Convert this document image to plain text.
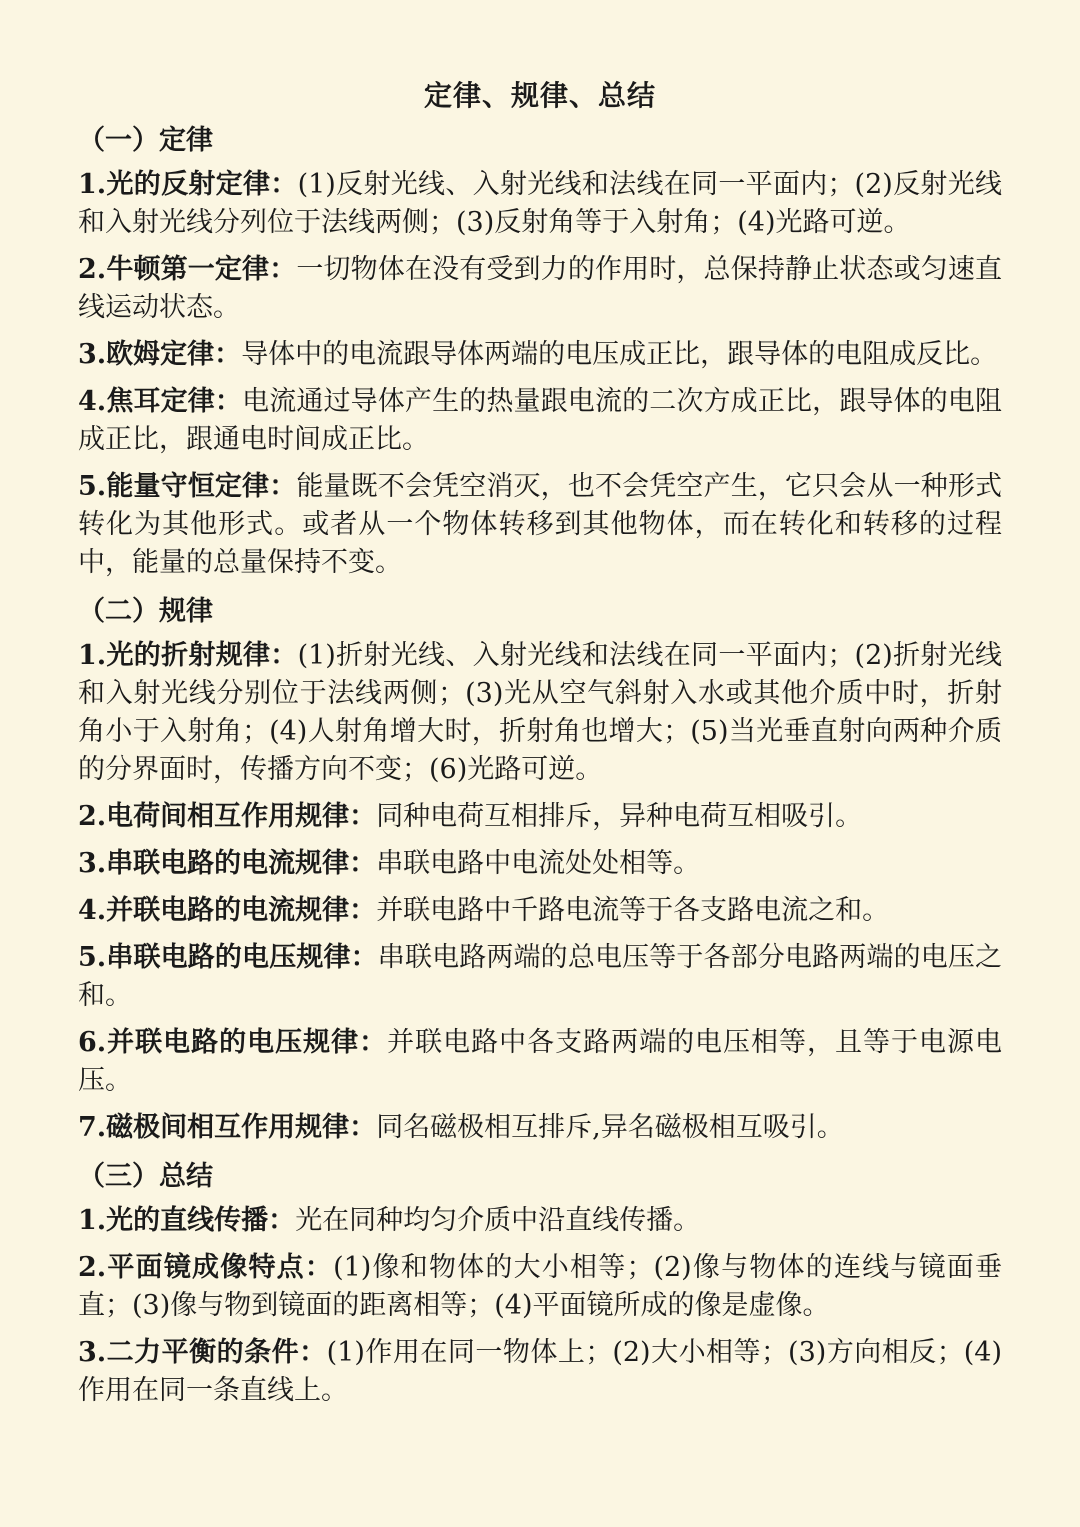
定律、规律、总结
（一）定律

1.光的反射定律：(1)反射光线、入射光线和法线在同一平面内；(2)反射光线和入射光线分列位于法线两侧；(3)反射角等于入射角；(4)光路可逆。

2.牛顿第一定律：一切物体在没有受到力的作用时，总保持静止状态或匀速直线运动状态。

3.欧姆定律：导体中的电流跟导体两端的电压成正比，跟导体的电阻成反比。

4.焦耳定律：电流通过导体产生的热量跟电流的二次方成正比，跟导体的电阻成正比，跟通电时间成正比。

5.能量守恒定律：能量既不会凭空消灭，也不会凭空产生，它只会从一种形式转化为其他形式。或者从一个物体转移到其他物体，而在转化和转移的过程中，能量的总量保持不变。

（二）规律

1.光的折射规律：(1)折射光线、入射光线和法线在同一平面内；(2)折射光线和入射光线分别位于法线两侧；(3)光从空气斜射入水或其他介质中时，折射角小于入射角；(4)人射角增大时，折射角也增大；(5)当光垂直射向两种介质的分界面时，传播方向不变；(6)光路可逆。

2.电荷间相互作用规律：同种电荷互相排斥，异种电荷互相吸引。

3.串联电路的电流规律：串联电路中电流处处相等。

4.并联电路的电流规律：并联电路中千路电流等于各支路电流之和。

5.串联电路的电压规律：串联电路两端的总电压等于各部分电路两端的电压之和。

6.并联电路的电压规律：并联电路中各支路两端的电压相等，且等于电源电压。

7.磁极间相互作用规律：同名磁极相互排斥,异名磁极相互吸引。

（三）总结

1.光的直线传播：光在同种均匀介质中沿直线传播。

2.平面镜成像特点：(1)像和物体的大小相等；(2)像与物体的连线与镜面垂直；(3)像与物到镜面的距离相等；(4)平面镜所成的像是虚像。

3.二力平衡的条件：(1)作用在同一物体上；(2)大小相等；(3)方向相反；(4)作用在同一条直线上。
